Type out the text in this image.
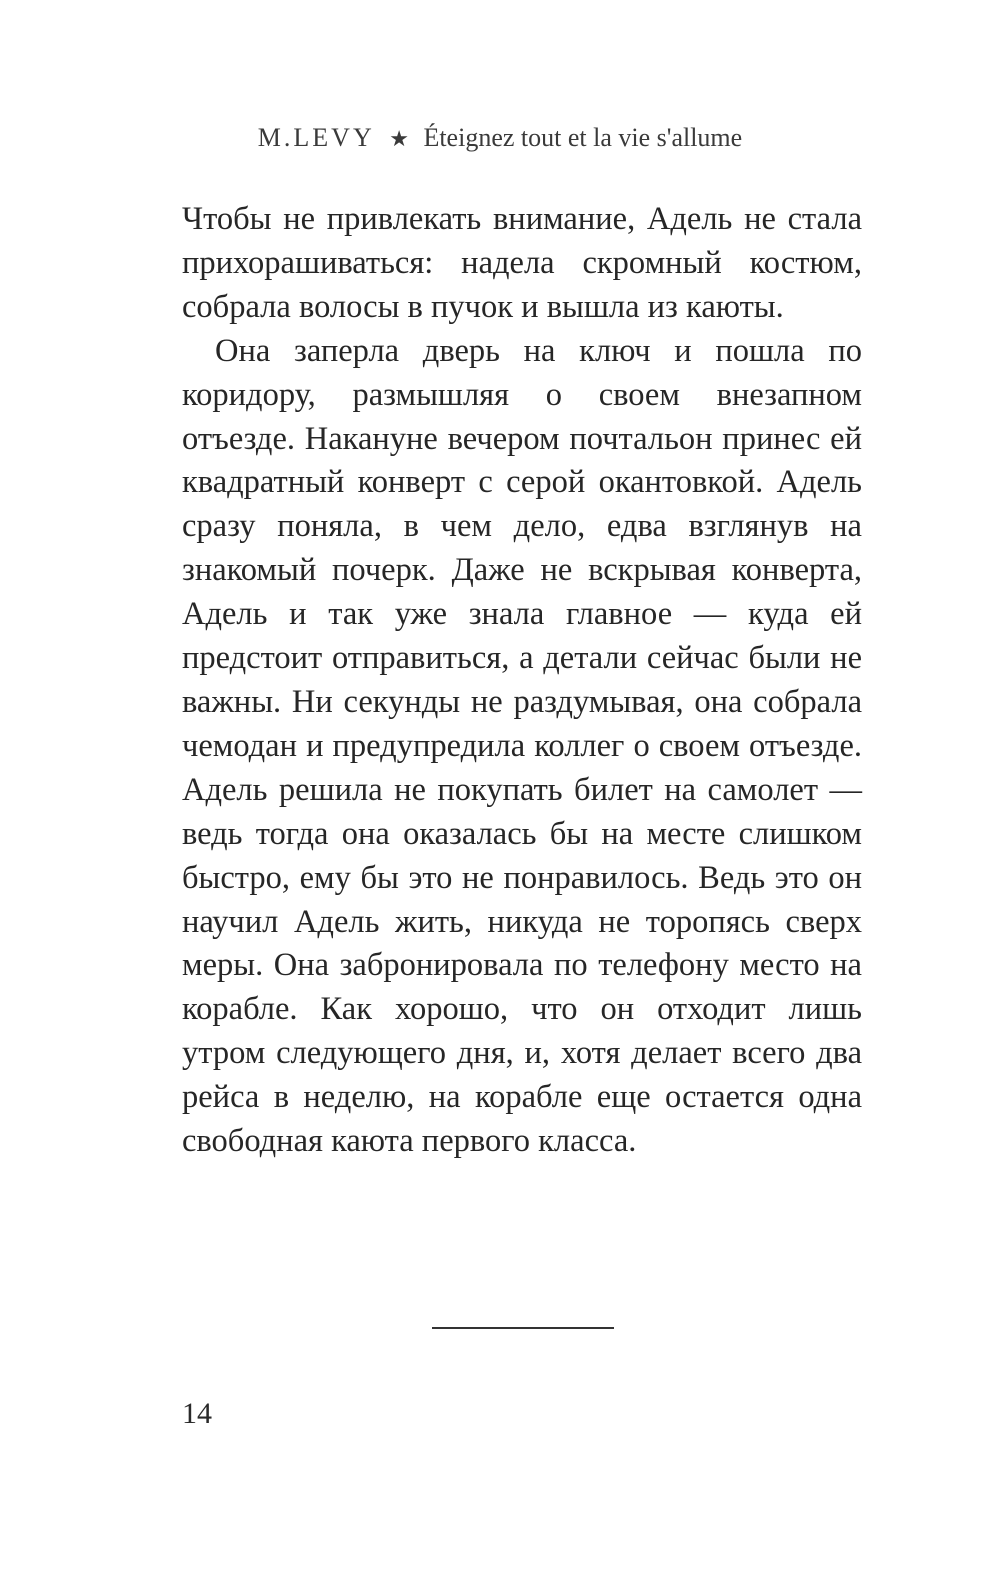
M.LEVY ★ Éteignez tout et la vie s'allume

Чтобы не привлекать внимание, Адель не стала прихорашиваться: надела скромный костюм, собрала волосы в пучок и вышла из каюты.

Она заперла дверь на ключ и пошла по коридору, размышляя о своем внезапном отъезде. Накануне вечером почтальон принес ей квадратный конверт с серой окантовкой. Адель сразу поняла, в чем дело, едва взглянув на знакомый почерк. Даже не вскрывая конверта, Адель и так уже знала главное — куда ей предстоит отправиться, а детали сейчас были не важны. Ни секунды не раздумывая, она собрала чемодан и предупредила коллег о своем отъезде. Адель решила не покупать билет на самолет — ведь тогда она оказалась бы на месте слишком быстро, ему бы это не понравилось. Ведь это он научил Адель жить, никуда не торопясь сверх меры. Она забронировала по телефону место на корабле. Как хорошо, что он отходит лишь утром следующего дня, и, хотя делает всего два рейса в неделю, на корабле еще остается одна свободная каюта первого класса.

14
